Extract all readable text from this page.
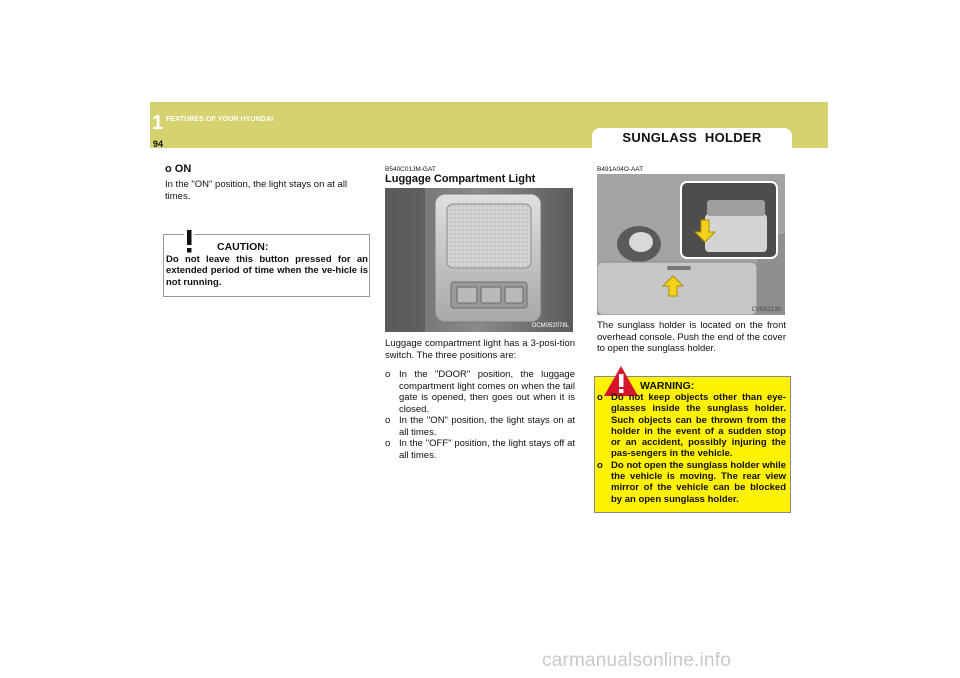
1 FEATURES OF YOUR HYUNDAI
94	SUNGLASS  HOLDER
o ON
In the "ON" position, the light stays on at all times.
CAUTION:
Do not leave this button pressed for an extended period of time when the ve-hicle is not running.
B540C01JM-GAT
Luggage Compartment Light
OCM052078L
Luggage compartment light has a 3-posi-tion switch. The three positions are:
o In the "DOOR" position, the luggage compartment light comes on when the tail gate is opened, then goes out when it is closed.
o In the "ON" position, the light stays on at all times.
o In the "OFF" position, the light stays off at all times.
B491A04O-AAT
CM052130
The sunglass holder is located on the front overhead console. Push the end of the cover to open the sunglass holder.
WARNING:
o Do not keep objects other than eye-glasses inside the sunglass holder. Such objects can be thrown from the holder in the event of a sudden stop or an accident, possibly injuring the pas-sengers in the vehicle.
o Do not open the sunglass holder while the vehicle is moving. The rear view mirror of the vehicle can be blocked by an open sunglass holder.
carmanualsonline.info
